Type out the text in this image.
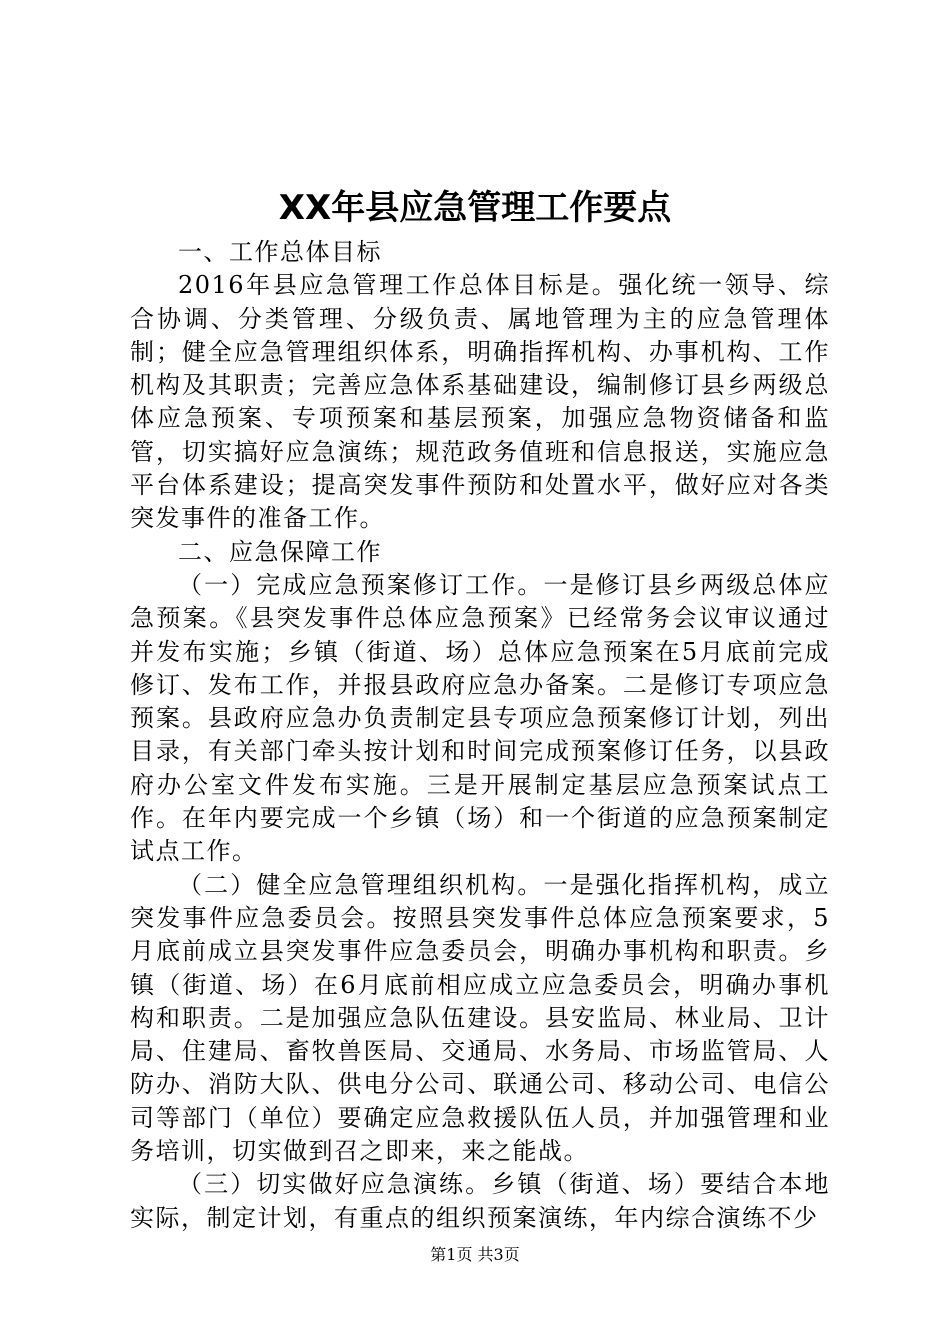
XX年县应急管理工作要点

一、工作总体目标

2016年县应急管理工作总体目标是。强化统一领导、综合协调、分类管理、分级负责、属地管理为主的应急管理体制；健全应急管理组织体系，明确指挥机构、办事机构、工作机构及其职责；完善应急体系基础建设，编制修订县乡两级总体应急预案、专项预案和基层预案，加强应急物资储备和监管，切实搞好应急演练；规范政务值班和信息报送，实施应急平台体系建设；提高突发事件预防和处置水平，做好应对各类突发事件的准备工作。

二、应急保障工作

（一）完成应急预案修订工作。一是修订县乡两级总体应急预案。《县突发事件总体应急预案》已经常务会议审议通过并发布实施；乡镇（街道、场）总体应急预案在5月底前完成修订、发布工作，并报县政府应急办备案。二是修订专项应急预案。县政府应急办负责制定县专项应急预案修订计划，列出目录，有关部门牵头按计划和时间完成预案修订任务，以县政府办公室文件发布实施。三是开展制定基层应急预案试点工作。在年内要完成一个乡镇（场）和一个街道的应急预案制定试点工作。

（二）健全应急管理组织机构。一是强化指挥机构，成立突发事件应急委员会。按照县突发事件总体应急预案要求，5月底前成立县突发事件应急委员会，明确办事机构和职责。乡镇（街道、场）在6月底前相应成立应急委员会，明确办事机构和职责。二是加强应急队伍建设。县安监局、林业局、卫计局、住建局、畜牧兽医局、交通局、水务局、市场监管局、人防办、消防大队、供电分公司、联通公司、移动公司、电信公司等部门（单位）要确定应急救援队伍人员，并加强管理和业务培训，切实做到召之即来，来之能战。

（三）切实做好应急演练。乡镇（街道、场）要结合本地实际，制定计划，有重点的组织预案演练，年内综合演练不少

第1页 共3页
